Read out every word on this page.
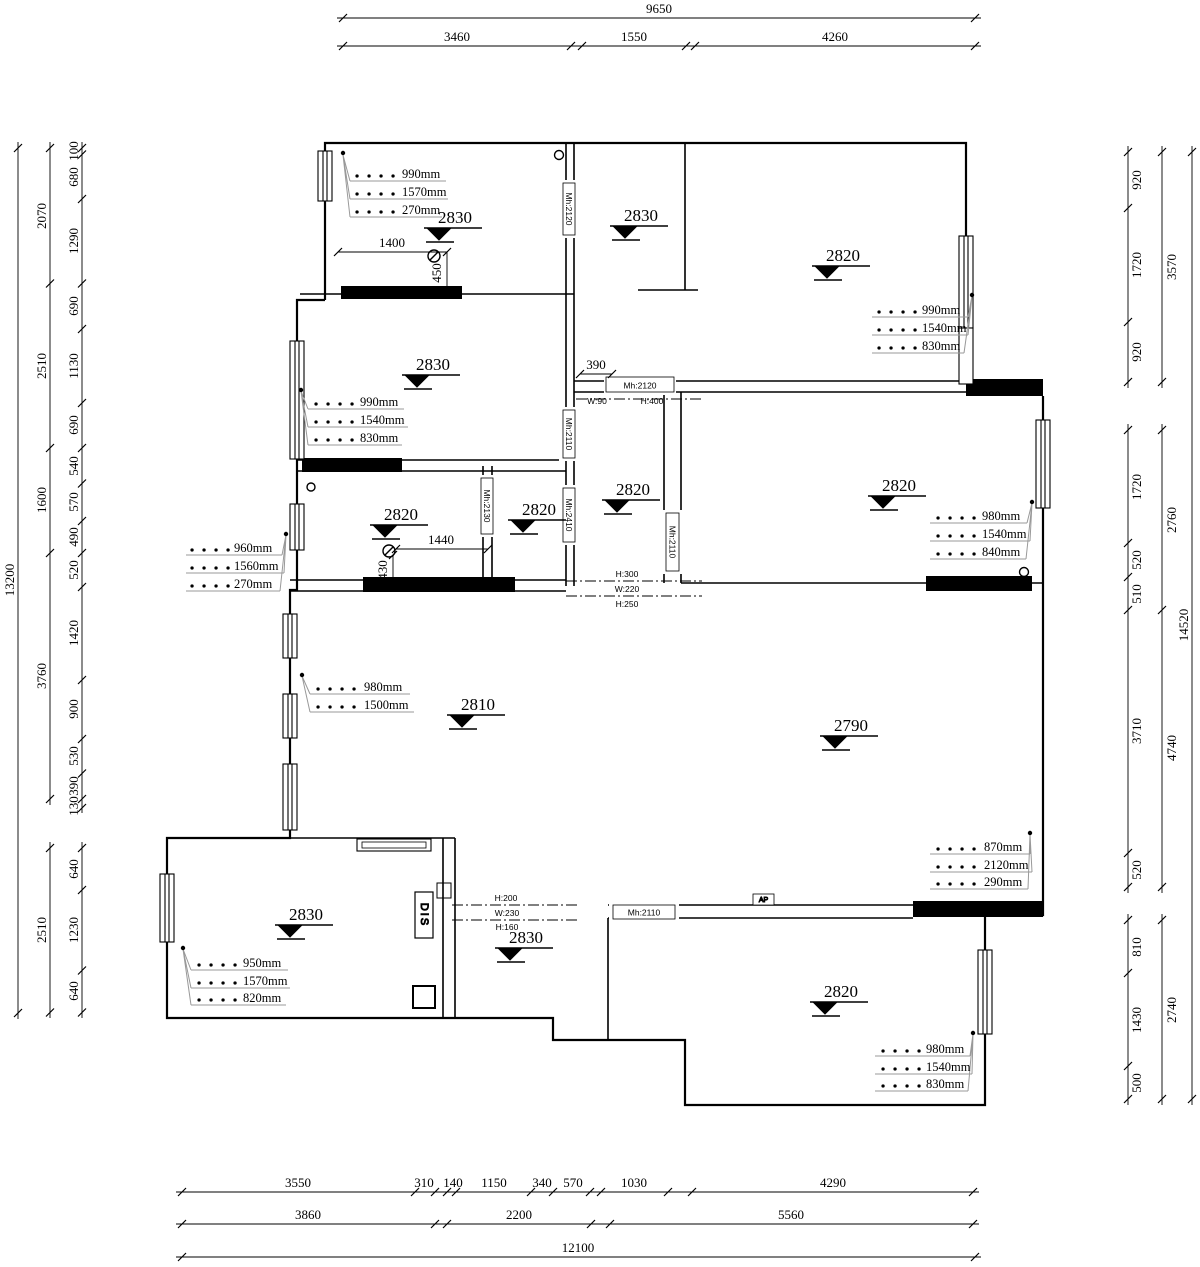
Mh:2120
Mh:2120
Mh:2110
Mh:2410
Mh:2130
Mh:2110
Mh:2110
W:90	H:400
H:300
W:220
H:250
H:200
W:230
H:160
DIS
AP
9650
3460	1550	4260
3550	310 140 1150 340 570	1030	4290
3860	2200	5560
12100
100
680
1290
690
1130
690
540
570
490
520
1420
900
530
390
130
640
1230
640
2070
2510
1600
3760
2510
13200
920
1720
920
1720
520
510
3710
520
810
1430
500
3570
2760
4740
2740
14520
1400
450
390
1440
430
2830	2830
2820
2830
2820	2820
2820	2820
2810
2790
2830
2830
2820
990mm
1570mm
270mm
990mm
1540mm
830mm
990mm
1540mm
830mm
960mm
1560mm
270mm
980mm
1540mm
840mm
980mm
1500mm
870mm
2120mm
290mm
950mm
1570mm
820mm
980mm
1540mm
830mm
